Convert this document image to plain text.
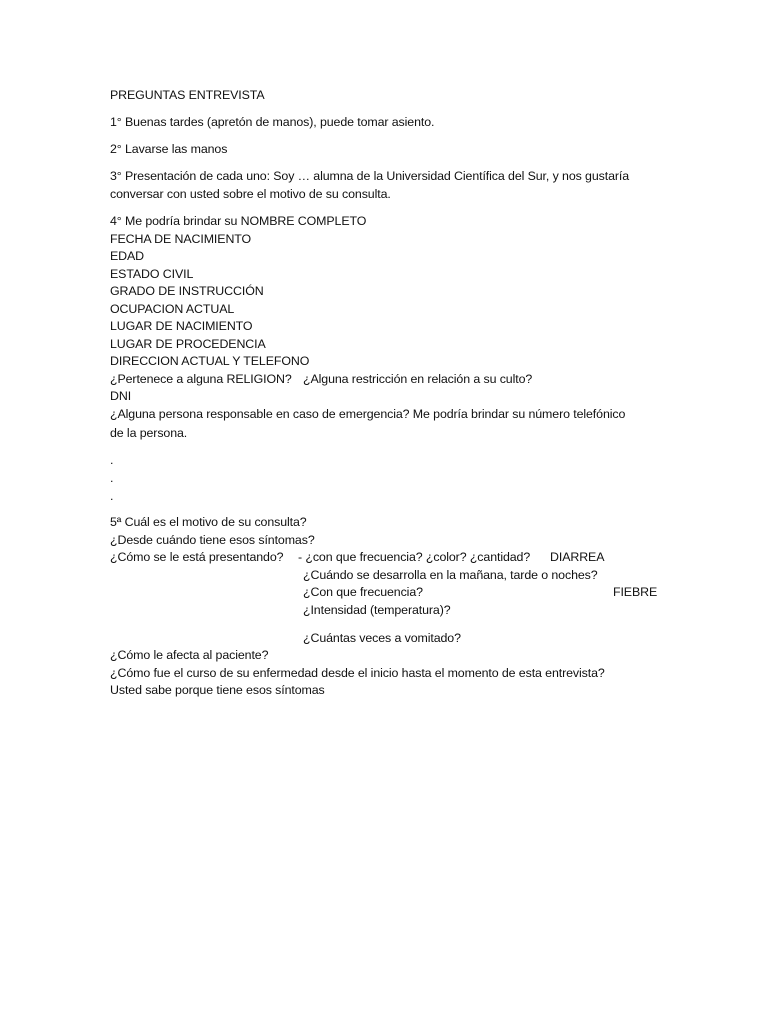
PREGUNTAS ENTREVISTA
1° Buenas tardes (apretón de manos), puede tomar asiento.
2° Lavarse las manos
3° Presentación de cada uno: Soy … alumna de la Universidad Científica del Sur, y nos gustaría
conversar con usted sobre el motivo de su consulta.
4° Me podría brindar su NOMBRE COMPLETO
FECHA DE NACIMIENTO
EDAD
ESTADO CIVIL
GRADO DE INSTRUCCIÓN
OCUPACION ACTUAL
LUGAR DE NACIMIENTO
LUGAR DE PROCEDENCIA
DIRECCION ACTUAL Y TELEFONO
¿Pertenece a alguna RELIGION? ¿Alguna restricción en relación a su culto?
DNI
¿Alguna persona responsable en caso de emergencia? Me podría brindar su número telefónico
de la persona.
.
.
.
5ª Cuál es el motivo de su consulta?
¿Desde cuándo tiene esos síntomas?
¿Cómo se le está presentando? - ¿con que frecuencia? ¿color? ¿cantidad? DIARREA
¿Cuándo se desarrolla en la mañana, tarde o noches?
¿Con que frecuencia?	FIEBRE
¿Intensidad (temperatura)?
¿Cuántas veces a vomitado?
¿Cómo le afecta al paciente?
¿Cómo fue el curso de su enfermedad desde el inicio hasta el momento de esta entrevista?
Usted sabe porque tiene esos síntomas
